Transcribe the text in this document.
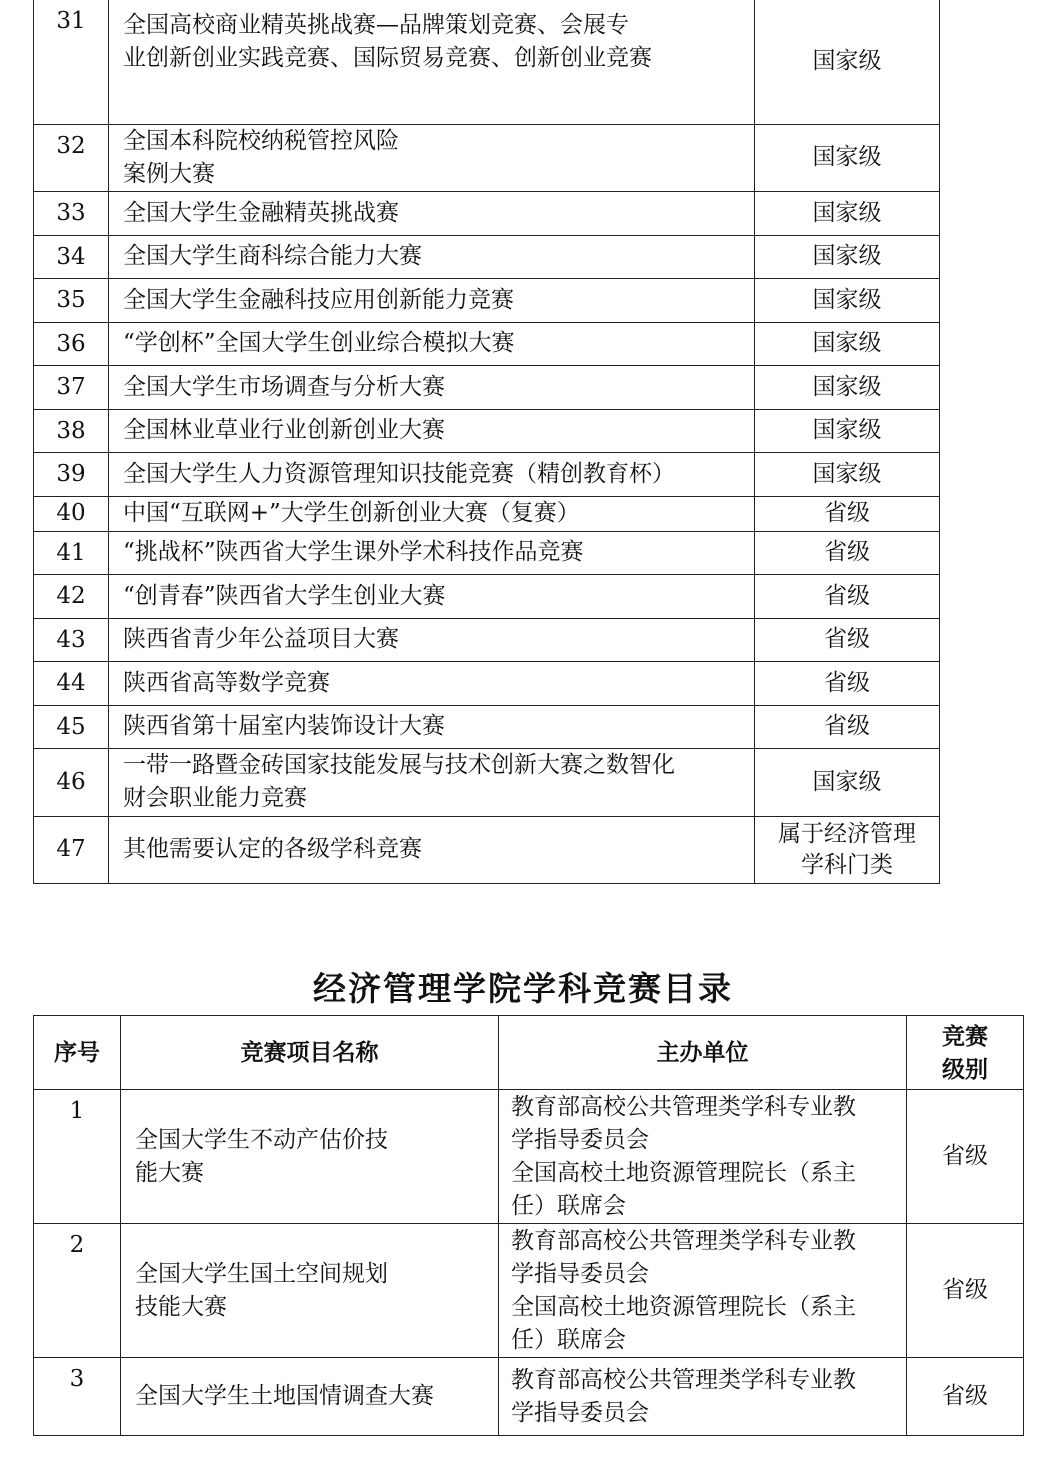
31	全国高校商业精英挑战赛—品牌策划竞赛、会展专
业创新创业实践竞赛、国际贸易竞赛、创新创业竞赛	国家级

32	全国本科院校纳税管控风险
案例大赛	国家级

33	全国大学生金融精英挑战赛	国家级

34	全国大学生商科综合能力大赛	国家级

35	全国大学生金融科技应用创新能力竞赛	国家级

36	“学创杯”全国大学生创业综合模拟大赛	国家级

37	全国大学生市场调查与分析大赛	国家级

38	全国林业草业行业创新创业大赛	国家级

39	全国大学生人力资源管理知识技能竞赛（精创教育杯）	国家级

40	中国“互联网+”大学生创新创业大赛（复赛）	省级

41	“挑战杯”陕西省大学生课外学术科技作品竞赛	省级

42	“创青春”陕西省大学生创业大赛	省级

43	陕西省青少年公益项目大赛	省级

44	陕西省高等数学竞赛	省级

45	陕西省第十届室内装饰设计大赛	省级

46	一带一路暨金砖国家技能发展与技术创新大赛之数智化
财会职业能力竞赛	国家级

47	其他需要认定的各级学科竞赛	属于经济管理
学科门类
经济管理学院学科竞赛目录
序号	竞赛项目名称	主办单位	竞赛
级别

1	全国大学生不动产估价技
能大赛	教育部高校公共管理类学科专业教
学指导委员会
全国高校土地资源管理院长（系主
任）联席会	省级
2	全国大学生国土空间规划
技能大赛	教育部高校公共管理类学科专业教
学指导委员会
全国高校土地资源管理院长（系主
任）联席会	省级
3	全国大学生土地国情调查大赛	教育部高校公共管理类学科专业教
学指导委员会	省级
